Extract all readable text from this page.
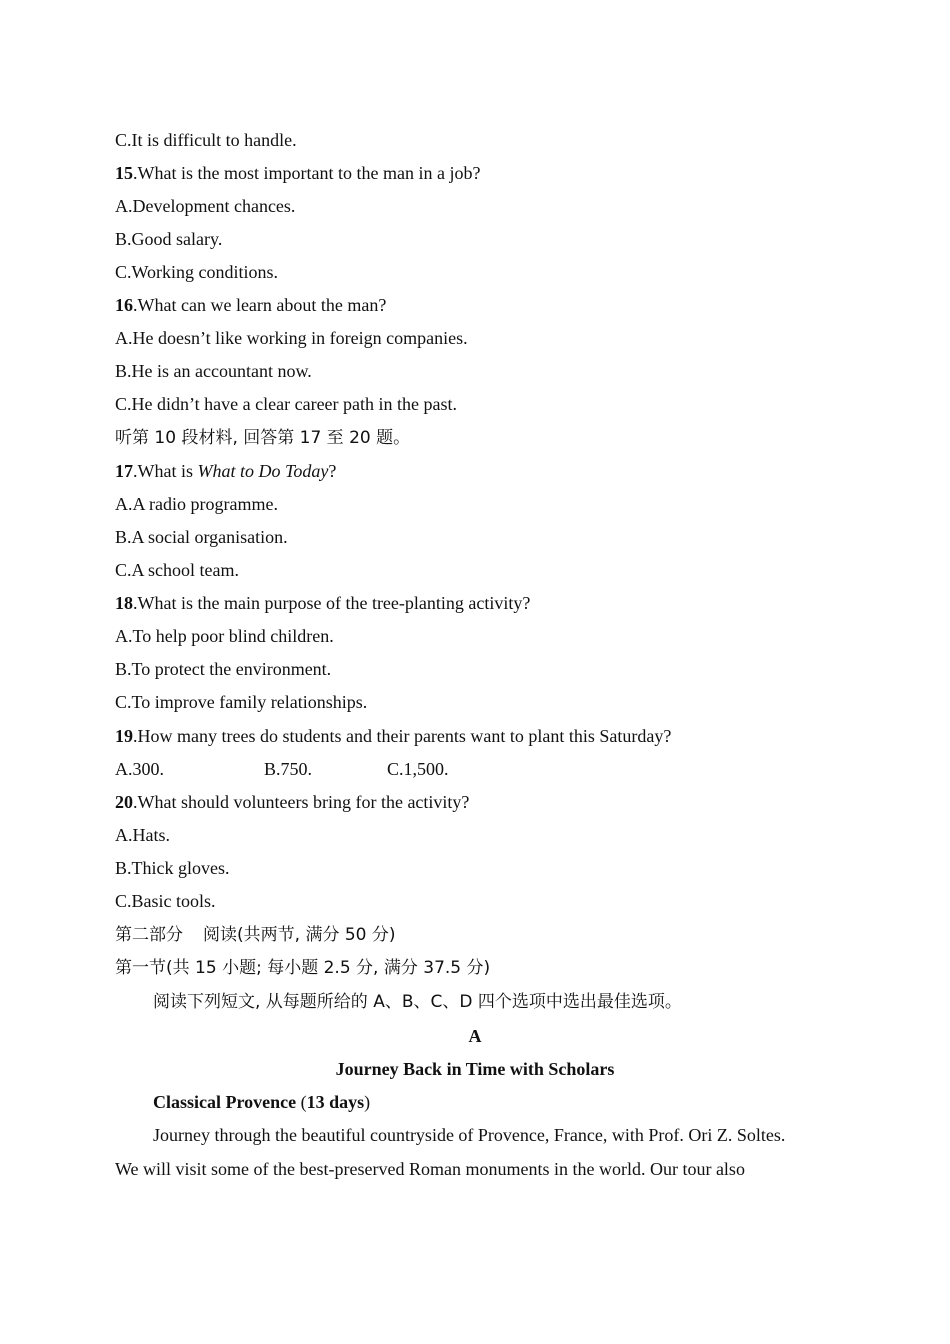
C.It is difficult to handle.
15.What is the most important to the man in a job?
A.Development chances.
B.Good salary.
C.Working conditions.
16.What can we learn about the man?
A.He doesn’t like working in foreign companies.
B.He is an accountant now.
C.He didn’t have a clear career path in the past.
听第 10 段材料, 回答第 17 至 20 题。
17.What is What to Do Today?
A.A radio programme.
B.A social organisation.
C.A school team.
18.What is the main purpose of the tree-planting activity?
A.To help poor blind children.
B.To protect the environment.
C.To improve family relationships.
19.How many trees do students and their parents want to plant this Saturday?
A.300.	B.750.	C.1,500.
20.What should volunteers bring for the activity?
A.Hats.
B.Thick gloves.
C.Basic tools.
第二部分 阅读(共两节, 满分 50 分)
第一节(共 15 小题; 每小题 2.5 分, 满分 37.5 分)
阅读下列短文, 从每题所给的 A、B、C、D 四个选项中选出最佳选项。
A
Journey Back in Time with Scholars
Classical Provence (13 days)
Journey through the beautiful countryside of Provence, France, with Prof. Ori Z. Soltes.
We will visit some of the best-preserved Roman monuments in the world. Our tour also
